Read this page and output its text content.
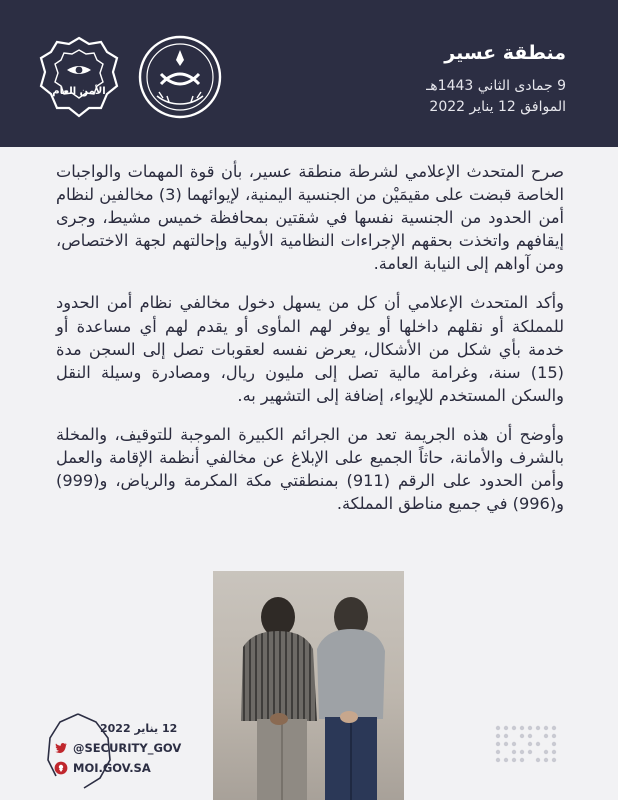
الأمن العام
منطقة عسير
9 جمادى الثاني 1443هـ
الموافق 12 يناير 2022

صرح المتحدث الإعلامي لشرطة منطقة عسير، بأن قوة المهمات والواجبات الخاصة قبضت على مقيمَيْن من الجنسية اليمنية، لإيوائهما (3) مخالفين لنظام أمن الحدود من الجنسية نفسها في شقتين بمحافظة خميس مشيط، وجرى إيقافهم واتخذت بحقهم الإجراءات النظامية الأولية وإحالتهم لجهة الاختصاص، ومن آواهم إلى النيابة العامة.

وأكد المتحدث الإعلامي أن كل من يسهل دخول مخالفي نظام أمن الحدود للمملكة أو نقلهم داخلها أو يوفر لهم المأوى أو يقدم لهم أي مساعدة أو خدمة بأي شكل من الأشكال، يعرض نفسه لعقوبات تصل إلى السجن مدة (15) سنة، وغرامة مالية تصل إلى مليون ريال، ومصادرة وسيلة النقل والسكن المستخدم للإيواء، إضافة إلى التشهير به.

وأوضح أن هذه الجريمة تعد من الجرائم الكبيرة الموجبة للتوقيف، والمخلة بالشرف والأمانة، حاثاً الجميع على الإبلاغ عن مخالفي أنظمة الإقامة والعمل وأمن الحدود على الرقم (911) بمنطقتي مكة المكرمة والرياض، و(999) و(996) في جميع مناطق المملكة.

12 يناير 2022
@SECURITY_GOV
MOI.GOV.SA
